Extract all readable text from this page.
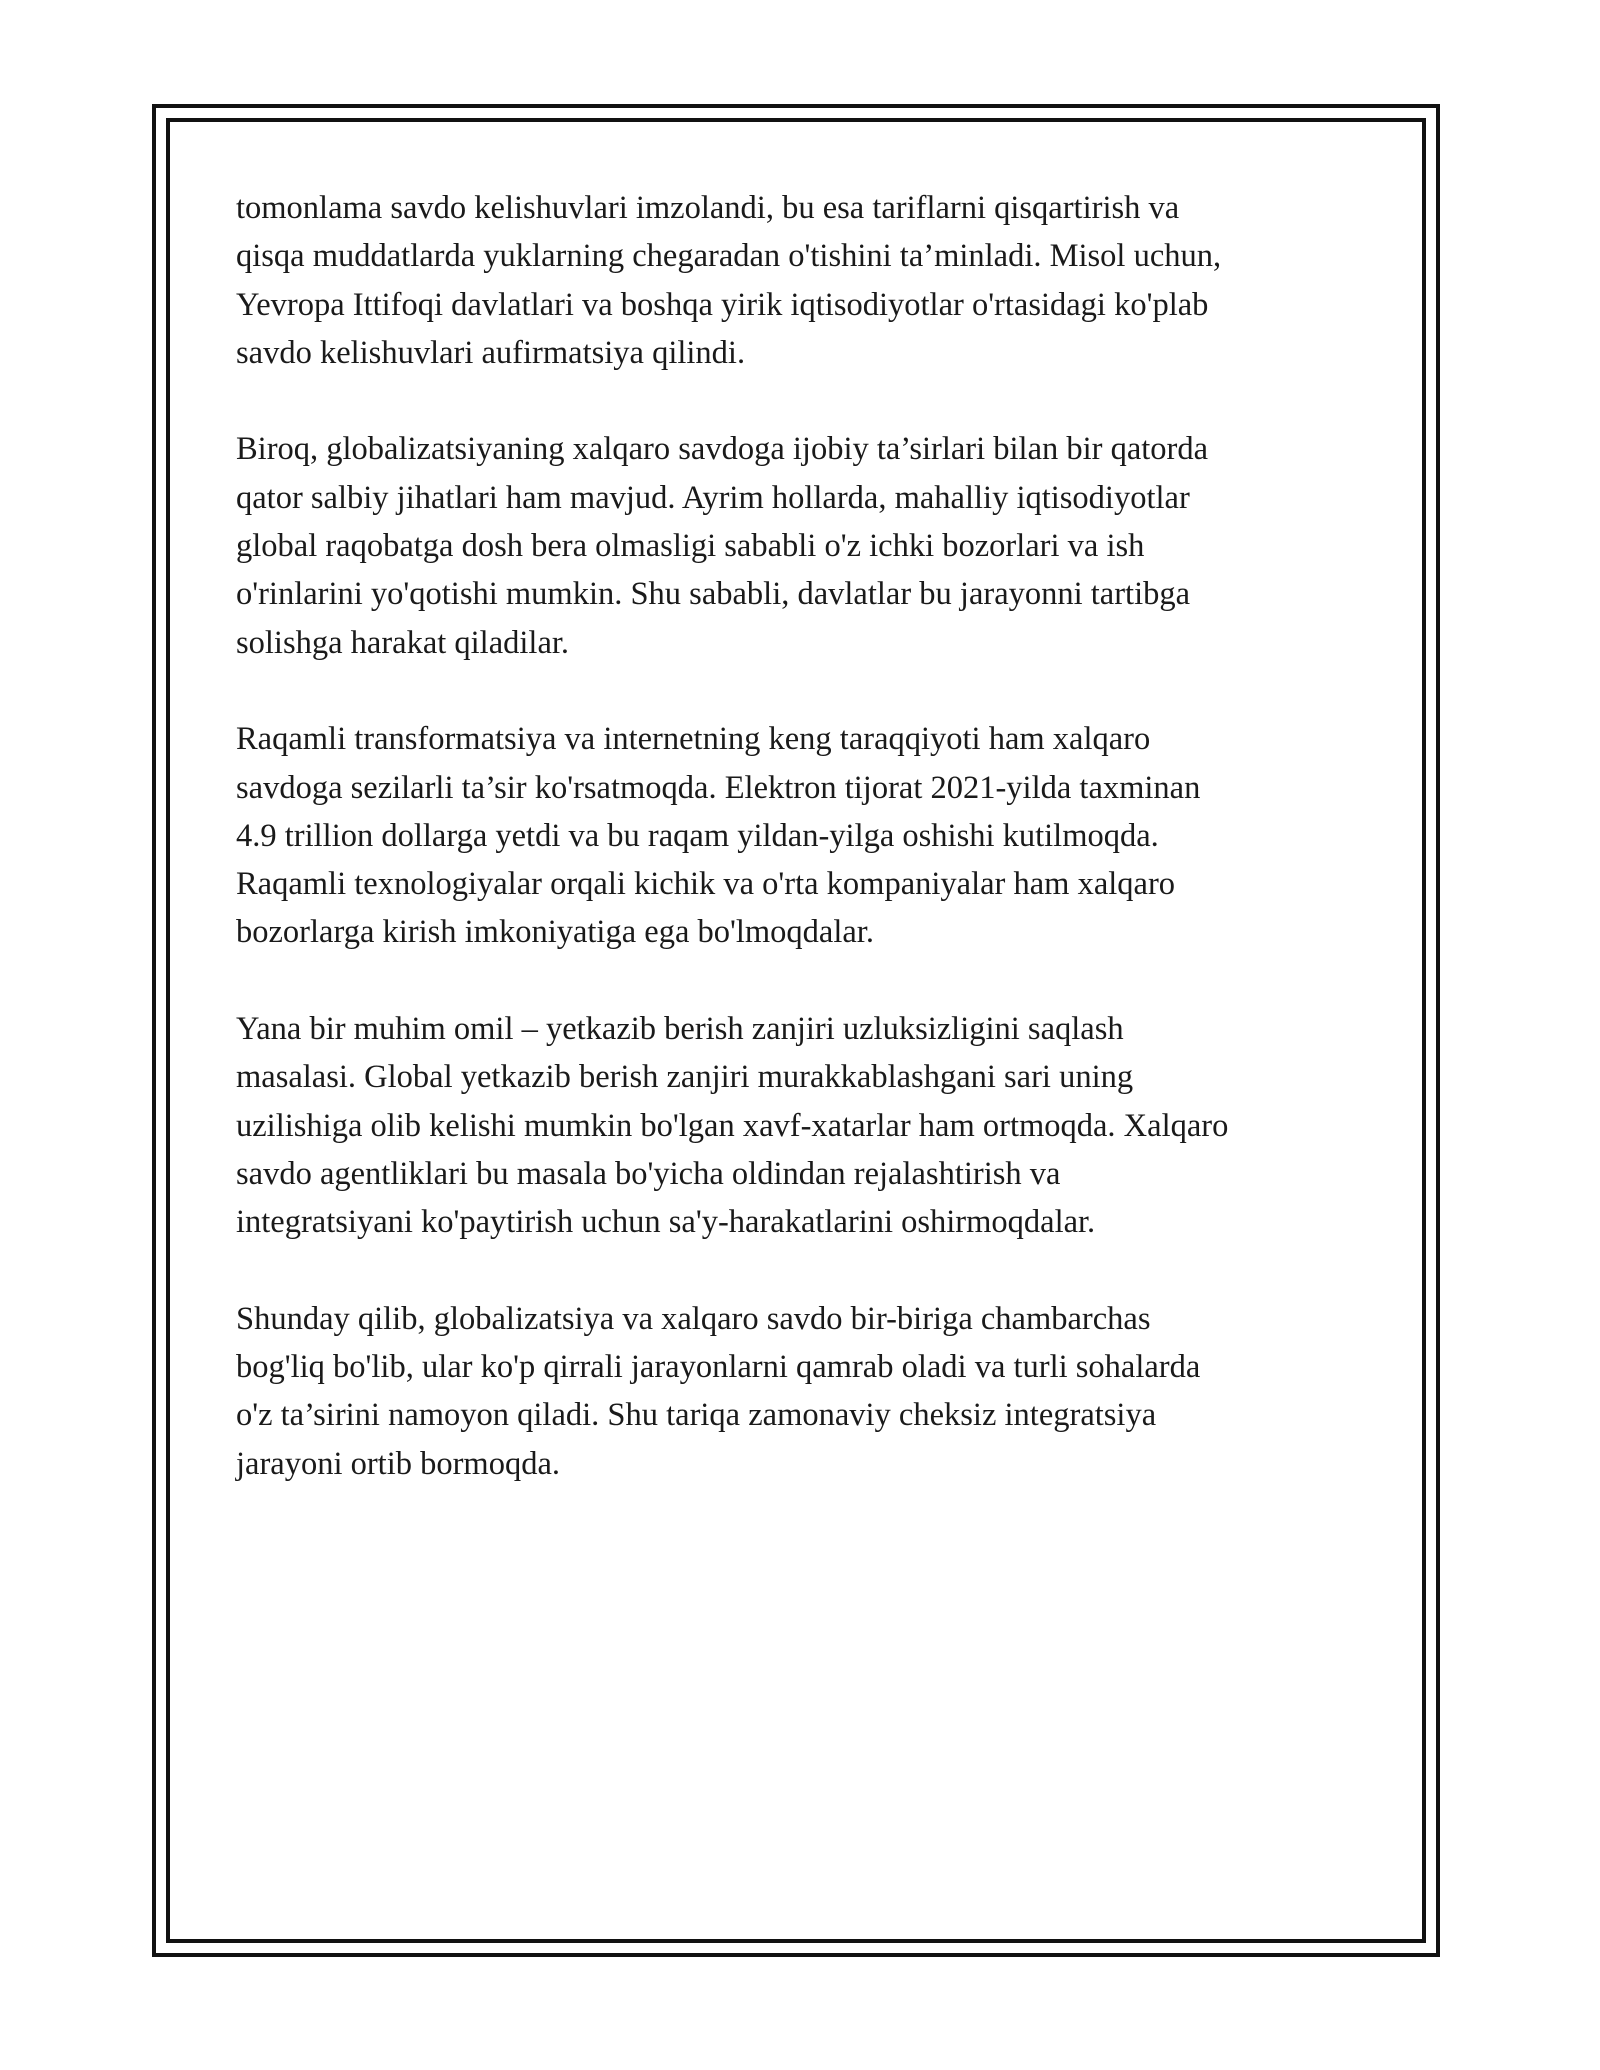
tomonlama savdo kelishuvlari imzolandi, bu esa tariflarni qisqartirish va
qisqa muddatlarda yuklarning chegaradan o'tishini ta’minladi. Misol uchun,
Yevropa Ittifoqi davlatlari va boshqa yirik iqtisodiyotlar o'rtasidagi ko'plab
savdo kelishuvlari aufirmatsiya qilindi.

Biroq, globalizatsiyaning xalqaro savdoga ijobiy ta’sirlari bilan bir qatorda
qator salbiy jihatlari ham mavjud. Ayrim hollarda, mahalliy iqtisodiyotlar
global raqobatga dosh bera olmasligi sababli o'z ichki bozorlari va ish
o'rinlarini yo'qotishi mumkin. Shu sababli, davlatlar bu jarayonni tartibga
solishga harakat qiladilar.

Raqamli transformatsiya va internetning keng taraqqiyoti ham xalqaro
savdoga sezilarli ta’sir ko'rsatmoqda. Elektron tijorat 2021-yilda taxminan
4.9 trillion dollarga yetdi va bu raqam yildan-yilga oshishi kutilmoqda.
Raqamli texnologiyalar orqali kichik va o'rta kompaniyalar ham xalqaro
bozorlarga kirish imkoniyatiga ega bo'lmoqdalar.

Yana bir muhim omil – yetkazib berish zanjiri uzluksizligini saqlash
masalasi. Global yetkazib berish zanjiri murakkablashgani sari uning
uzilishiga olib kelishi mumkin bo'lgan xavf-xatarlar ham ortmoqda. Xalqaro
savdo agentliklari bu masala bo'yicha oldindan rejalashtirish va
integratsiyani ko'paytirish uchun sa'y-harakatlarini oshirmoqdalar.

Shunday qilib, globalizatsiya va xalqaro savdo bir-biriga chambarchas
bog'liq bo'lib, ular ko'p qirrali jarayonlarni qamrab oladi va turli sohalarda
o'z ta’sirini namoyon qiladi. Shu tariqa zamonaviy cheksiz integratsiya
jarayoni ortib bormoqda.
